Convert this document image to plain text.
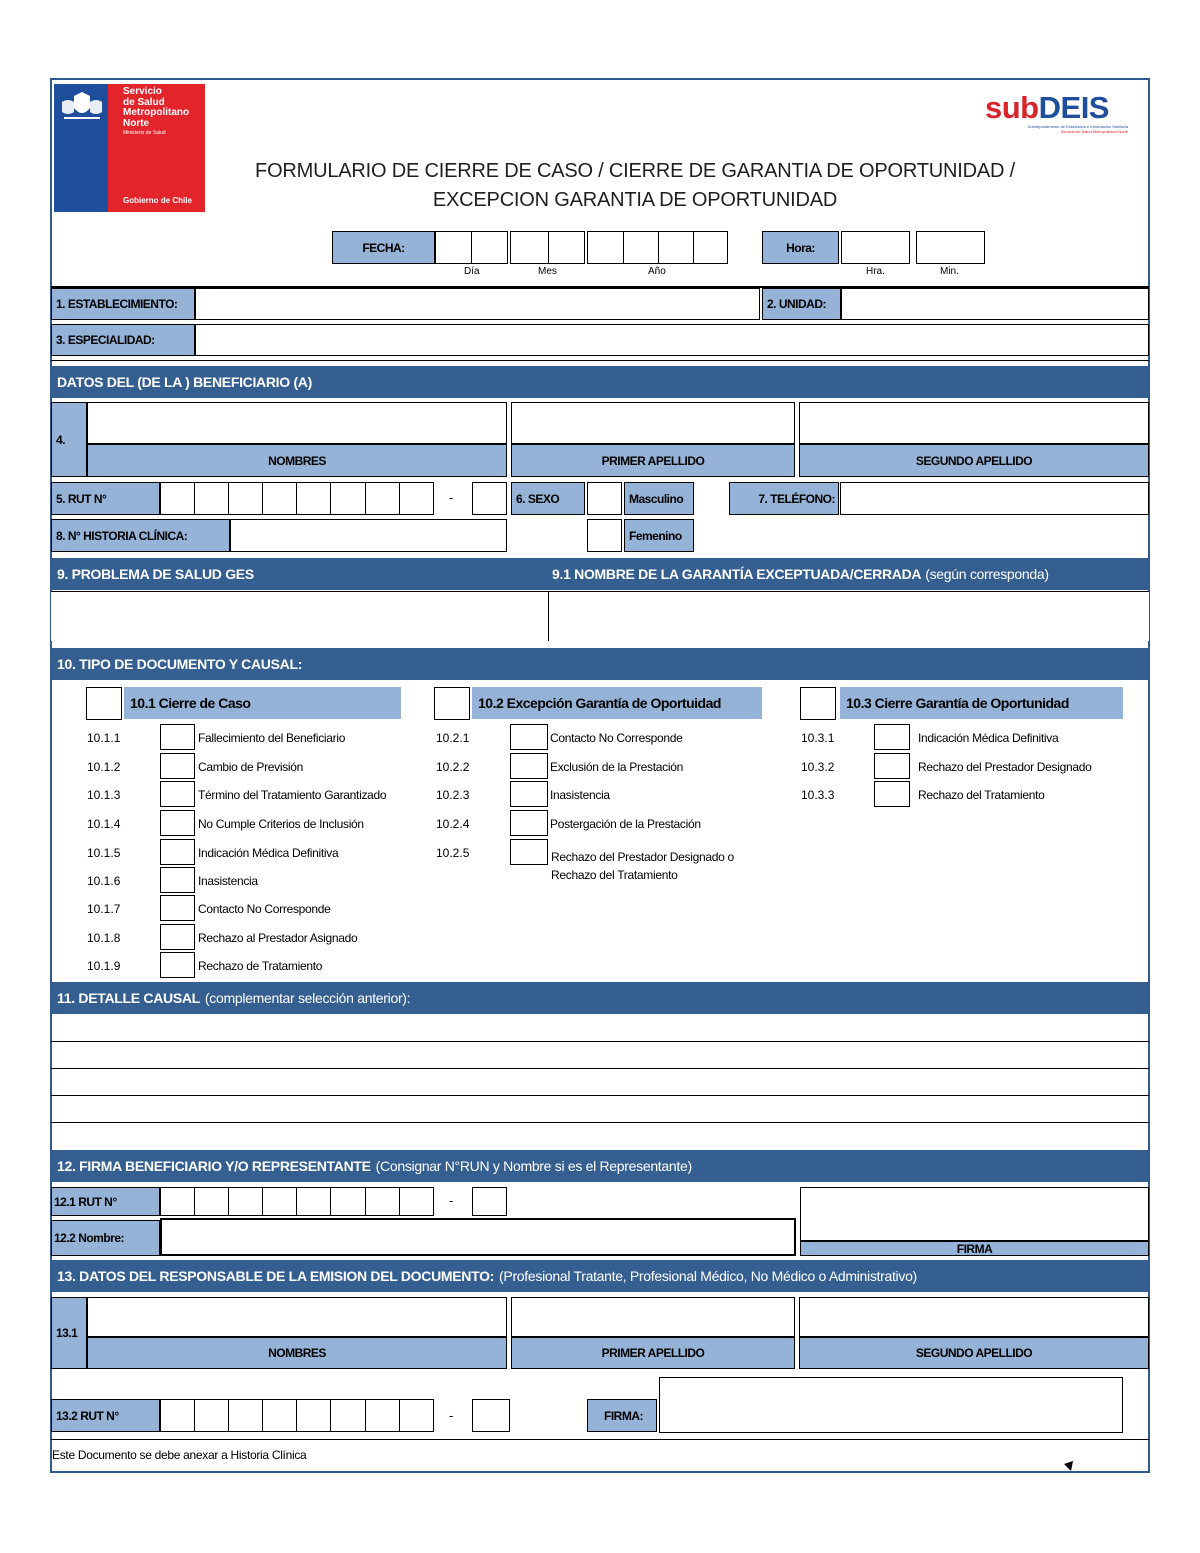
Servicio
de Salud
Metropolitano
Norte
Ministerio de Salud
Gobierno de Chile
subDEIS
Subdepartamento de Estadística e Información Sanitaria
Servicio de Salud Metropolitano Norte
FORMULARIO DE CIERRE DE CASO / CIERRE DE GARANTIA DE OPORTUNIDAD /
EXCEPCION GARANTIA DE OPORTUNIDAD
FECHA:
Día	Mes	Año
Hora:
Hra.	Min.
1. ESTABLECIMIENTO:	2. UNIDAD:
3. ESPECIALIDAD:
DATOS DEL (DE LA ) BENEFICIARIO (A)
4.
NOMBRES	PRIMER APELLIDO	SEGUNDO APELLIDO
5. RUT N°	-	6. SEXO	Masculino	7. TELÉFONO:
8. N° HISTORIA CLÍNICA:	Femenino
9. PROBLEMA DE SALUD GES	9.1 NOMBRE DE LA GARANTÍA EXCEPTUADA/CERRADA (según corresponda)
10. TIPO DE DOCUMENTO Y CAUSAL:
10.1 Cierre de Caso	10.2 Excepción Garantía de Oportuidad	10.3 Cierre Garantía de Oportunidad
10.1.1	Fallecimiento del Beneficiario
10.1.2	Cambio de Previsión
10.1.3	Término del Tratamiento Garantizado
10.1.4	No Cumple Criterios de Inclusión
10.1.5	Indicación Médica Definitiva
10.1.6	Inasistencia
10.1.7	Contacto No Corresponde
10.1.8	Rechazo al Prestador Asignado
10.1.9	Rechazo de Tratamiento
10.2.1	Contacto No Corresponde
10.2.2	Exclusión de la Prestación
10.2.3	Inasistencia
10.2.4	Postergación de la Prestación
10.2.5	Rechazo del Prestador Designado o
Rechazo del Tratamiento
10.3.1	Indicación Médica Definitiva
10.3.2	Rechazo del Prestador Designado
10.3.3	Rechazo del Tratamiento
11. DETALLE CAUSAL (complementar selección anterior):
12. FIRMA BENEFICIARIO Y/O REPRESENTANTE (Consignar N°RUN y Nombre si es el Representante)
12.1 RUT N°	-
12.2 Nombre:
FIRMA
13. DATOS DEL RESPONSABLE DE LA EMISION DEL DOCUMENTO: (Profesional Tratante, Profesional Médico, No Médico o Administrativo)
13.1
NOMBRES	PRIMER APELLIDO	SEGUNDO APELLIDO
13.2 RUT N°	-	FIRMA:
Este Documento se debe anexar a Historia Clínica
